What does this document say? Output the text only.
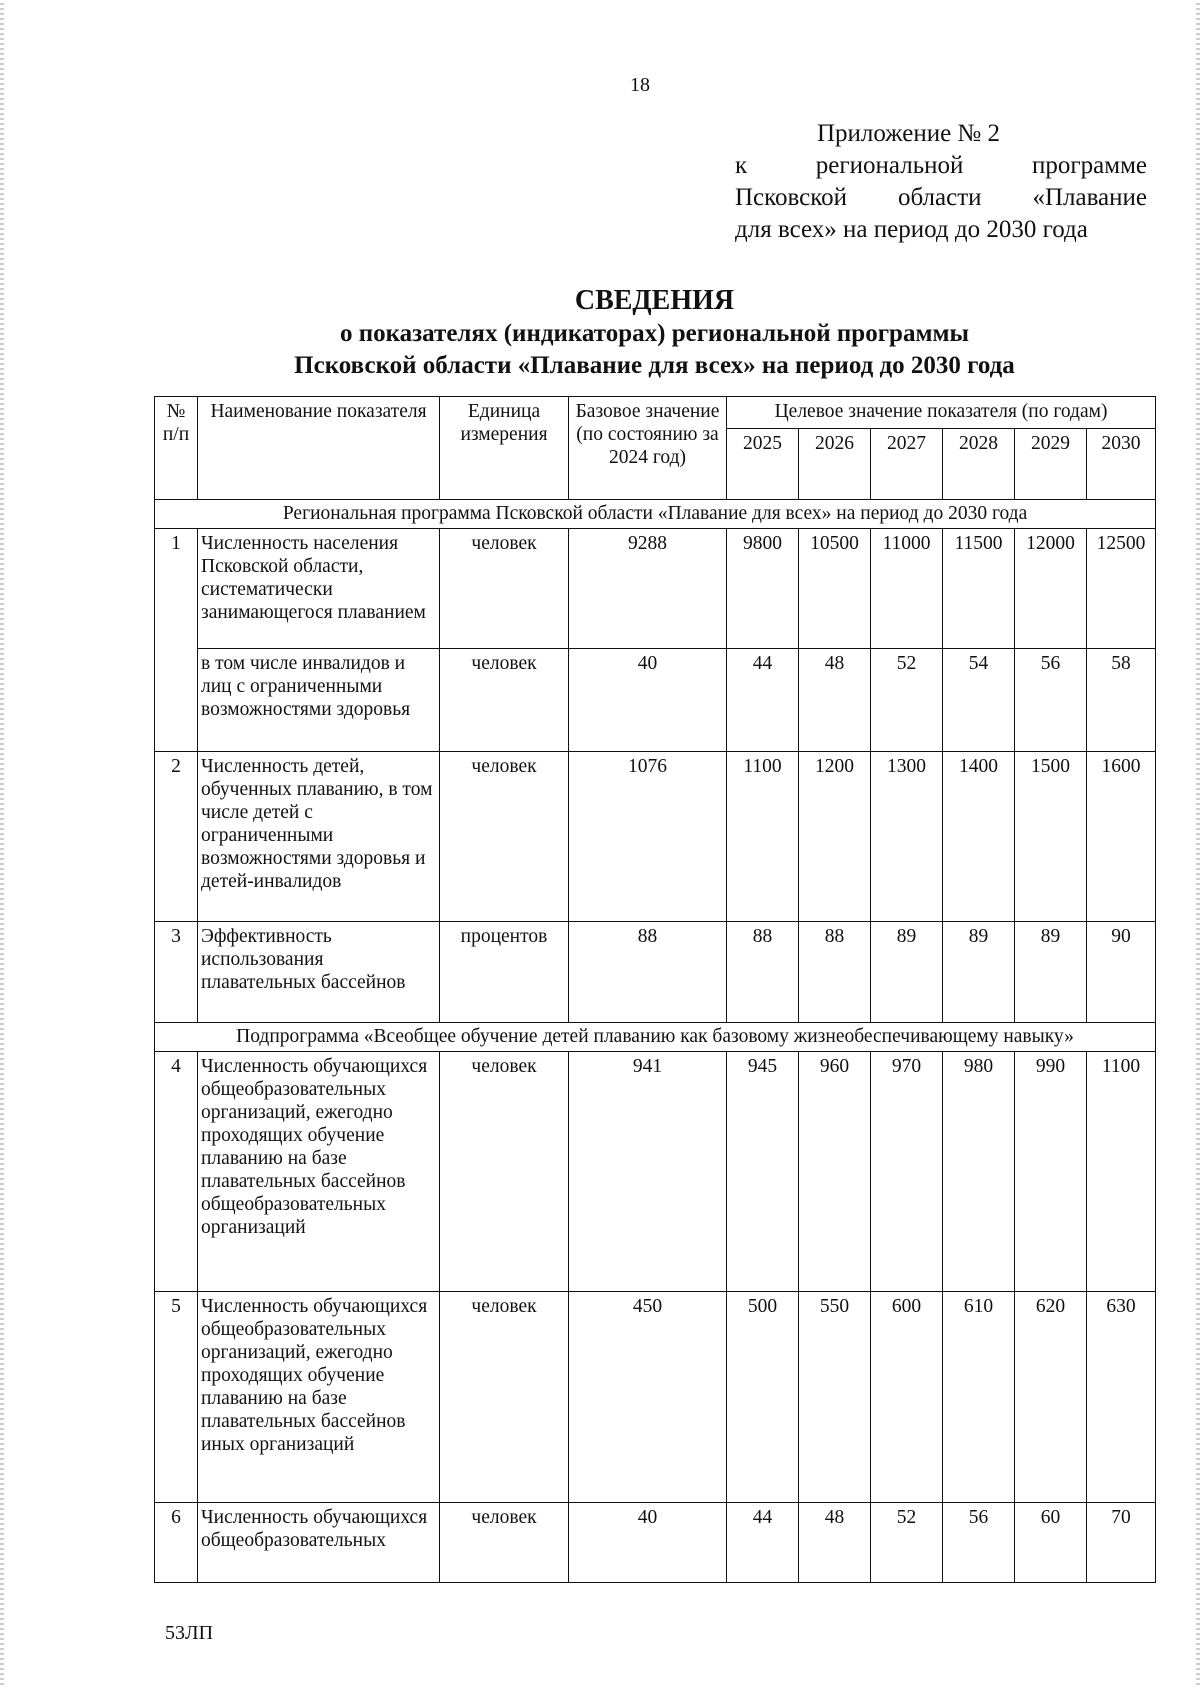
18
Приложение № 2
к региональной программе
Псковской области «Плавание
для всех» на период до 2030 года
СВЕДЕНИЯ
о показателях (индикаторах) региональной программы
Псковской области «Плавание для всех» на период до 2030 года
№ п/п	Наименование показателя	Единица измерения	Базовое значение (по состоянию за 2024 год)	Целевое значение показателя (по годам)					
				2025	2026	2027	2028	2029	2030
Региональная программа Псковской области «Плавание для всех» на период до 2030 года									
1	Численность населения Псковской области, систематически занимающегося плаванием	человек	9288	9800	10500	11000	11500	12000	12500
	в том числе инвалидов и лиц с ограниченными возможностями здоровья	человек	40	44	48	52	54	56	58
2	Численность детей, обученных плаванию, в том числе детей с ограниченными возможностями здоровья и детей-инвалидов	человек	1076	1100	1200	1300	1400	1500	1600
3	Эффективность использования плавательных бассейнов	процентов	88	88	88	89	89	89	90
Подпрограмма «Всеобщее обучение детей плаванию как базовому жизнеобеспечивающему навыку»									
4	Численность обучающихся общеобразовательных организаций, ежегодно проходящих обучение плаванию на базе плавательных бассейнов общеобразовательных организаций	человек	941	945	960	970	980	990	1100
5	Численность обучающихся общеобразовательных организаций, ежегодно проходящих обучение плаванию на базе плавательных бассейнов иных организаций	человек	450	500	550	600	610	620	630
6	Численность обучающихся общеобразовательных	человек	40	44	48	52	56	60	70
53ЛП
